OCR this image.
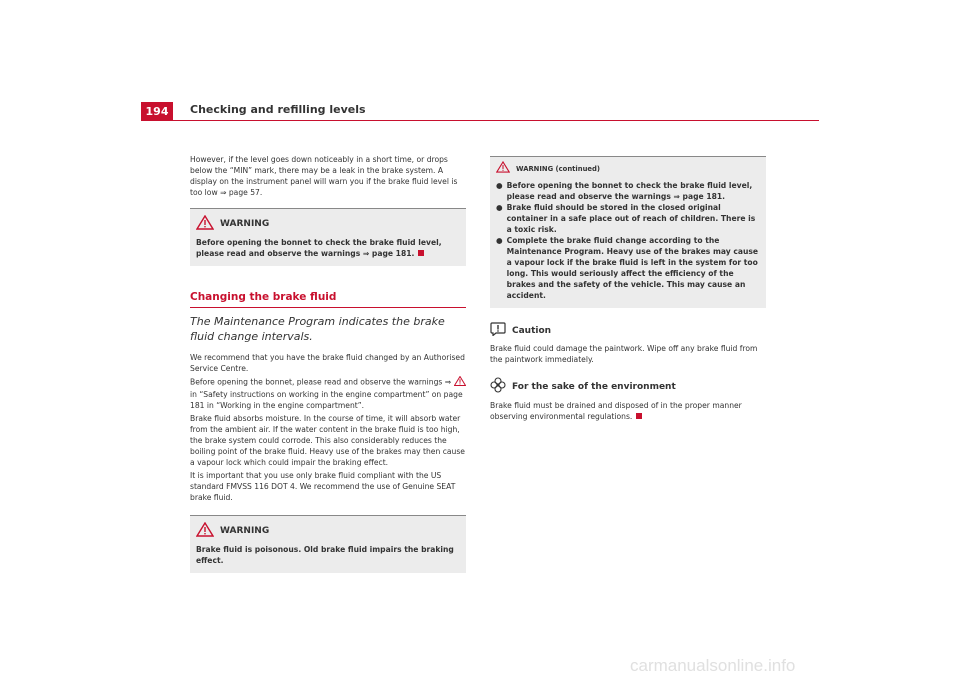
194	Checking and refilling levels

However, if the level goes down noticeably in a short time, or drops below the “MIN” mark, there may be a leak in the brake system. A display on the instrument panel will warn you if the brake fluid level is too low ⇒ page 57.

WARNING
Before opening the bonnet to check the brake fluid level, please read and observe the warnings ⇒ page 181.
Changing the brake fluid
The Maintenance Program indicates the brake fluid change intervals.

We recommend that you have the brake fluid changed by an Authorised Service Centre.

Before opening the bonnet, please read and observe the warnings ⇒  in “Safety instructions on working in the engine compartment” on page 181 in “Working in the engine compartment”.

Brake fluid absorbs moisture. In the course of time, it will absorb water from the ambient air. If the water content in the brake fluid is too high, the brake system could corrode. This also considerably reduces the boiling point of the brake fluid. Heavy use of the brakes may then cause a vapour lock which could impair the braking effect.

It is important that you use only brake fluid compliant with the US standard FMVSS 116 DOT 4. We recommend the use of Genuine SEAT brake fluid.

WARNING
Brake fluid is poisonous. Old brake fluid impairs the braking effect.
WARNING (continued)
● Before opening the bonnet to check the brake fluid level, please read and observe the warnings ⇒ page 181.
● Brake fluid should be stored in the closed original container in a safe place out of reach of children. There is a toxic risk.
● Complete the brake fluid change according to the Maintenance Program. Heavy use of the brakes may cause a vapour lock if the brake fluid is left in the system for too long. This would seriously affect the efficiency of the brakes and the safety of the vehicle. This may cause an accident.
Caution

Brake fluid could damage the paintwork. Wipe off any brake fluid from the paintwork immediately.

For the sake of the environment

Brake fluid must be drained and disposed of in the proper manner observing environmental regulations.

carmanualsonline.info
